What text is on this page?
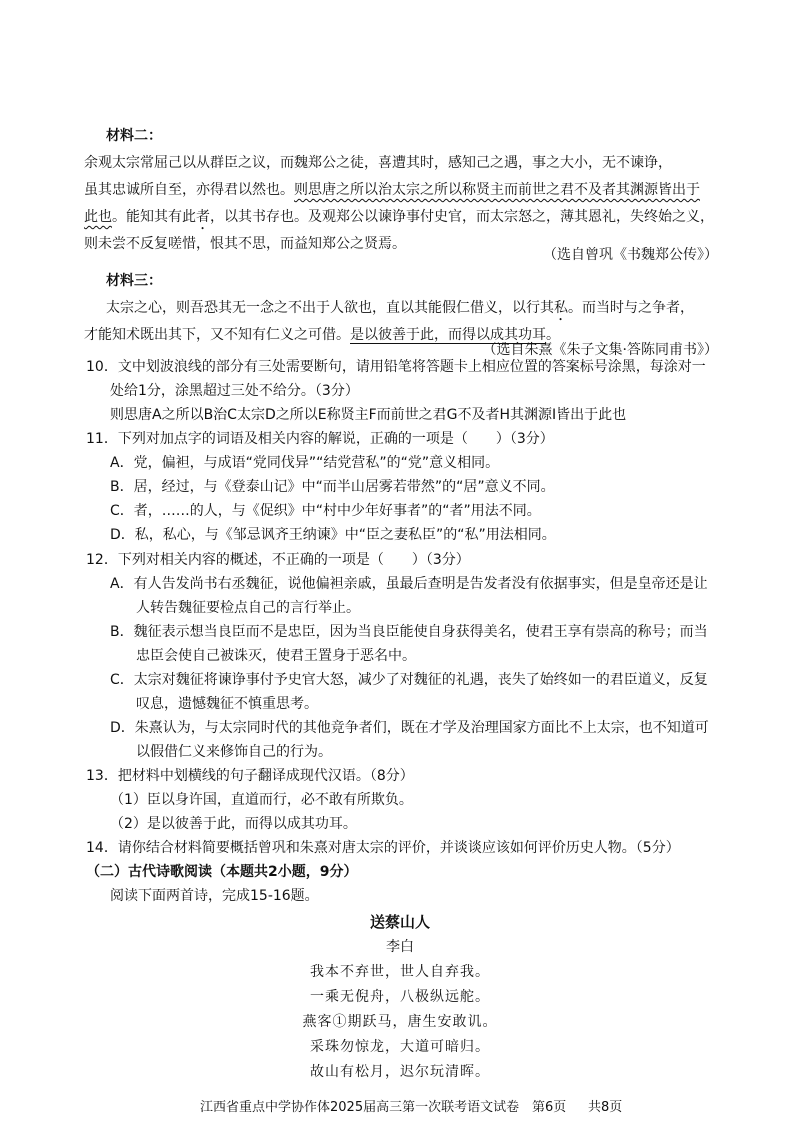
材料二：
余观太宗常屈己以从群臣之议，而魏郑公之徒，喜遭其时，感知己之遇，事之大小，无不谏诤，
虽其忠诚所自至，亦得君以然也。则思唐之所以治太宗之所以称贤主而前世之君不及者其渊源皆出于
此也。能知其有此者，以其书存也。及观郑公以谏诤事付史官，而太宗怒之，薄其恩礼，失终始之义，
则未尝不反复嗟惜，恨其不思，而益知郑公之贤焉。
（选自曾巩《书魏郑公传》）
材料三：
太宗之心，则吾恐其无一念之不出于人欲也，直以其能假仁借义，以行其私。而当时与之争者，
才能知术既出其下，又不知有仁义之可借。是以彼善于此，而得以成其功耳。
（选自朱熹《朱子文集·答陈同甫书》）
10．文中划波浪线的部分有三处需要断句，请用铅笔将答题卡上相应位置的答案标号涂黑，每涂对一
处给1分，涂黑超过三处不给分。（3分）
则思唐A之所以B治C太宗D之所以E称贤主F而前世之君G不及者H其渊源I皆出于此也
11．下列对加点字的词语及相关内容的解说，正确的一项是（　　）（3分）
A．党，偏袒，与成语“党同伐异”“结党营私”的“党”意义相同。
B．居，经过，与《登泰山记》中“而半山居雾若带然”的“居”意义不同。
C．者，……的人，与《促织》中“村中少年好事者”的“者”用法不同。
D．私，私心，与《邹忌讽齐王纳谏》中“臣之妻私臣”的“私”用法相同。
12．下列对相关内容的概述，不正确的一项是（　　）（3分）
A．有人告发尚书右丞魏征，说他偏袒亲戚，虽最后查明是告发者没有依据事实，但是皇帝还是让
人转告魏征要检点自己的言行举止。
B．魏征表示想当良臣而不是忠臣，因为当良臣能使自身获得美名，使君王享有崇高的称号；而当
忠臣会使自己被诛灭，使君王置身于恶名中。
C．太宗对魏征将谏诤事付予史官大怒，减少了对魏征的礼遇，丧失了始终如一的君臣道义，反复
叹息，遗憾魏征不慎重思考。
D．朱熹认为，与太宗同时代的其他竞争者们，既在才学及治理国家方面比不上太宗，也不知道可
以假借仁义来修饰自己的行为。
13．把材料中划横线的句子翻译成现代汉语。（8分）
（1）臣以身许国，直道而行，必不敢有所欺负。
（2）是以彼善于此，而得以成其功耳。
14．请你结合材料简要概括曾巩和朱熹对唐太宗的评价，并谈谈应该如何评价历史人物。（5分）
（二）古代诗歌阅读（本题共2小题，9分）
阅读下面两首诗，完成15-16题。
送蔡山人
李白
我本不弃世，世人自弃我。
一乘无倪舟，八极纵远舵。
燕客①期跃马，唐生安敢讥。
采珠勿惊龙，大道可暗归。
故山有松月，迟尔玩清晖。
江西省重点中学协作体2025届高三第一次联考语文试卷 第6页 共8页
